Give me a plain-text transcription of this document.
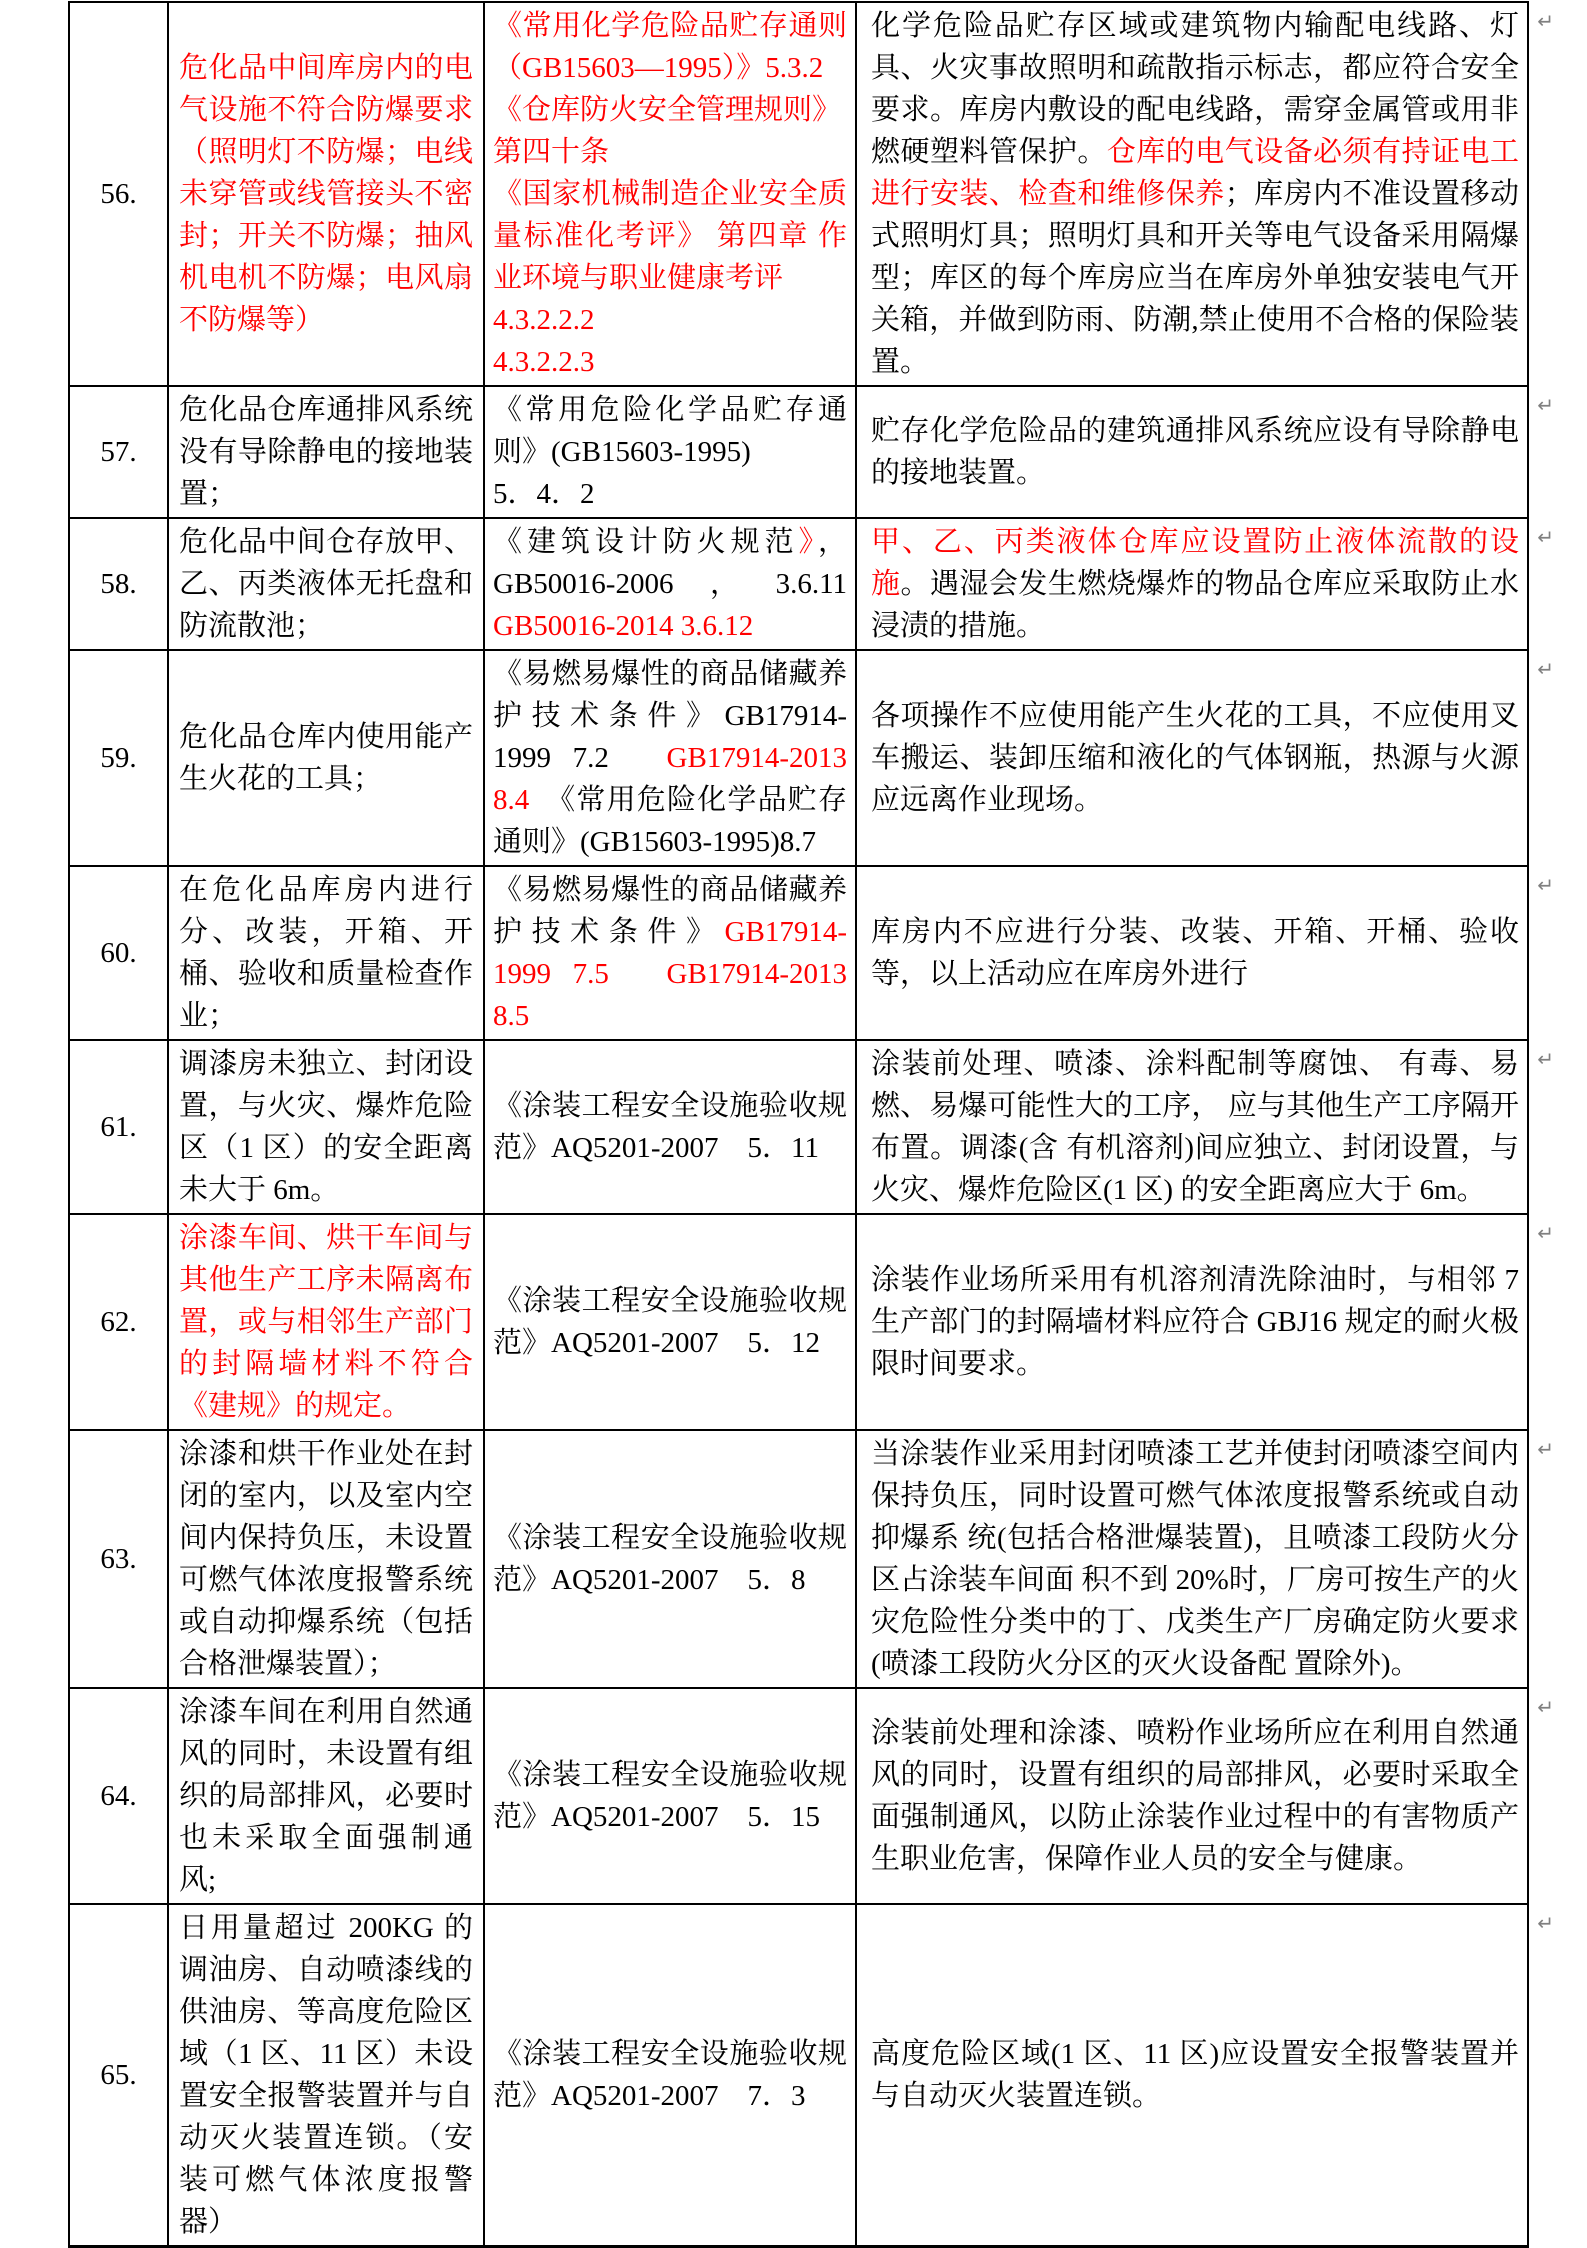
56.	危化品中间库房内的电气设施不符合防爆要求（照明灯不防爆；电线未穿管或线管接头不密封；开关不防爆；抽风机电机不防爆；电风扇不防爆等）	《常用化学危险品贮存通则（GB15603—1995）》5.3.2
《仓库防火安全管理规则》
第四十条
《国家机械制造企业安全质量标准化考评》 第四章 作业环境与职业健康考评
4.3.2.2.2
4.3.2.2.3	化学危险品贮存区域或建筑物内输配电线路、灯具、火灾事故照明和疏散指示标志，都应符合安全要求。库房内敷设的配电线路，需穿金属管或用非燃硬塑料管保护。仓库的电气设备必须有持证电工进行安装、检查和维修保养；库房内不准设置移动式照明灯具；照明灯具和开关等电气设备采用隔爆型；库区的每个库房应当在库房外单独安装电气开关箱，并做到防雨、防潮,禁止使用不合格的保险装置。
↵

57.	危化品仓库通排风系统没有导除静电的接地装置；	《常用危险化学品贮存通则》(GB15603-1995)
5．4．2	贮存化学危险品的建筑通排风系统应设有导除静电的接地装置。
↵

58.	危化品中间仓存放甲、乙、丙类液体无托盘和防流散池；	《建筑设计防火规范》，GB50016-2006，3.6.11 GB50016-2014 3.6.12	甲、乙、丙类液体仓库应设置防止液体流散的设施。遇湿会发生燃烧爆炸的物品仓库应采取防止水浸渍的措施。
↵

59.	危化品仓库内使用能产生火花的工具；	《易燃易爆性的商品储藏养护技术条件》GB17914-1999 7.2　GB17914-2013 8.4　《常用危险化学品贮存通则》(GB15603-1995)8.7	各项操作不应使用能产生火花的工具，不应使用叉车搬运、装卸压缩和液化的气体钢瓶，热源与火源应远离作业现场。
↵

60.	在危化品库房内进行分、改装，开箱、开桶、验收和质量检查作业；	《易燃易爆性的商品储藏养护技术条件》GB17914-1999 7.5　GB17914-2013 8.5	库房内不应进行分装、改装、开箱、开桶、验收等，以上活动应在库房外进行
↵

61.	调漆房未独立、封闭设置，与火灾、爆炸危险区（1 区）的安全距离未大于 6m。	《涂装工程安全设施验收规范》AQ5201-2007　5．11	涂装前处理、喷漆、涂料配制等腐蚀、 有毒、易燃、易爆可能性大的工序， 应与其他生产工序隔开布置。调漆(含 有机溶剂)间应独立、封闭设置，与火灾、爆炸危险区(1 区) 的安全距离应大于 6m。
↵

62.	涂漆车间、烘干车间与其他生产工序未隔离布置，或与相邻生产部门的封隔墙材料不符合《建规》的规定。	《涂装工程安全设施验收规范》AQ5201-2007　5．12	涂装作业场所采用有机溶剂清洗除油时，与相邻 7 生产部门的封隔墙材料应符合 GBJ16 规定的耐火极限时间要求。
↵

63.	涂漆和烘干作业处在封闭的室内，以及室内空间内保持负压，未设置可燃气体浓度报警系统或自动抑爆系统（包括合格泄爆装置）；	《涂装工程安全设施验收规范》AQ5201-2007　5．8	当涂装作业采用封闭喷漆工艺并使封闭喷漆空间内保持负压，同时设置可燃气体浓度报警系统或自动抑爆系 统(包括合格泄爆装置)，且喷漆工段防火分区占涂装车间面 积不到 20%时，厂房可按生产的火灾危险性分类中的丁、戊类生产厂房确定防火要求(喷漆工段防火分区的灭火设备配 置除外)。
↵

64.	涂漆车间在利用自然通风的同时，未设置有组织的局部排风，必要时也未采取全面强制通风;	《涂装工程安全设施验收规范》AQ5201-2007　5．15	涂装前处理和涂漆、喷粉作业场所应在利用自然通风的同时，设置有组织的局部排风，必要时采取全面强制通风，以防止涂装作业过程中的有害物质产生职业危害，保障作业人员的安全与健康。
↵

65.	日用量超过 200KG 的调油房、自动喷漆线的供油房、等高度危险区域（1 区、11 区）未设置安全报警装置并与自动灭火装置连锁。（安装可燃气体浓度报警器）	《涂装工程安全设施验收规范》AQ5201-2007　7．3	高度危险区域(1 区、11 区)应设置安全报警装置并与自动灭火装置连锁。
↵
